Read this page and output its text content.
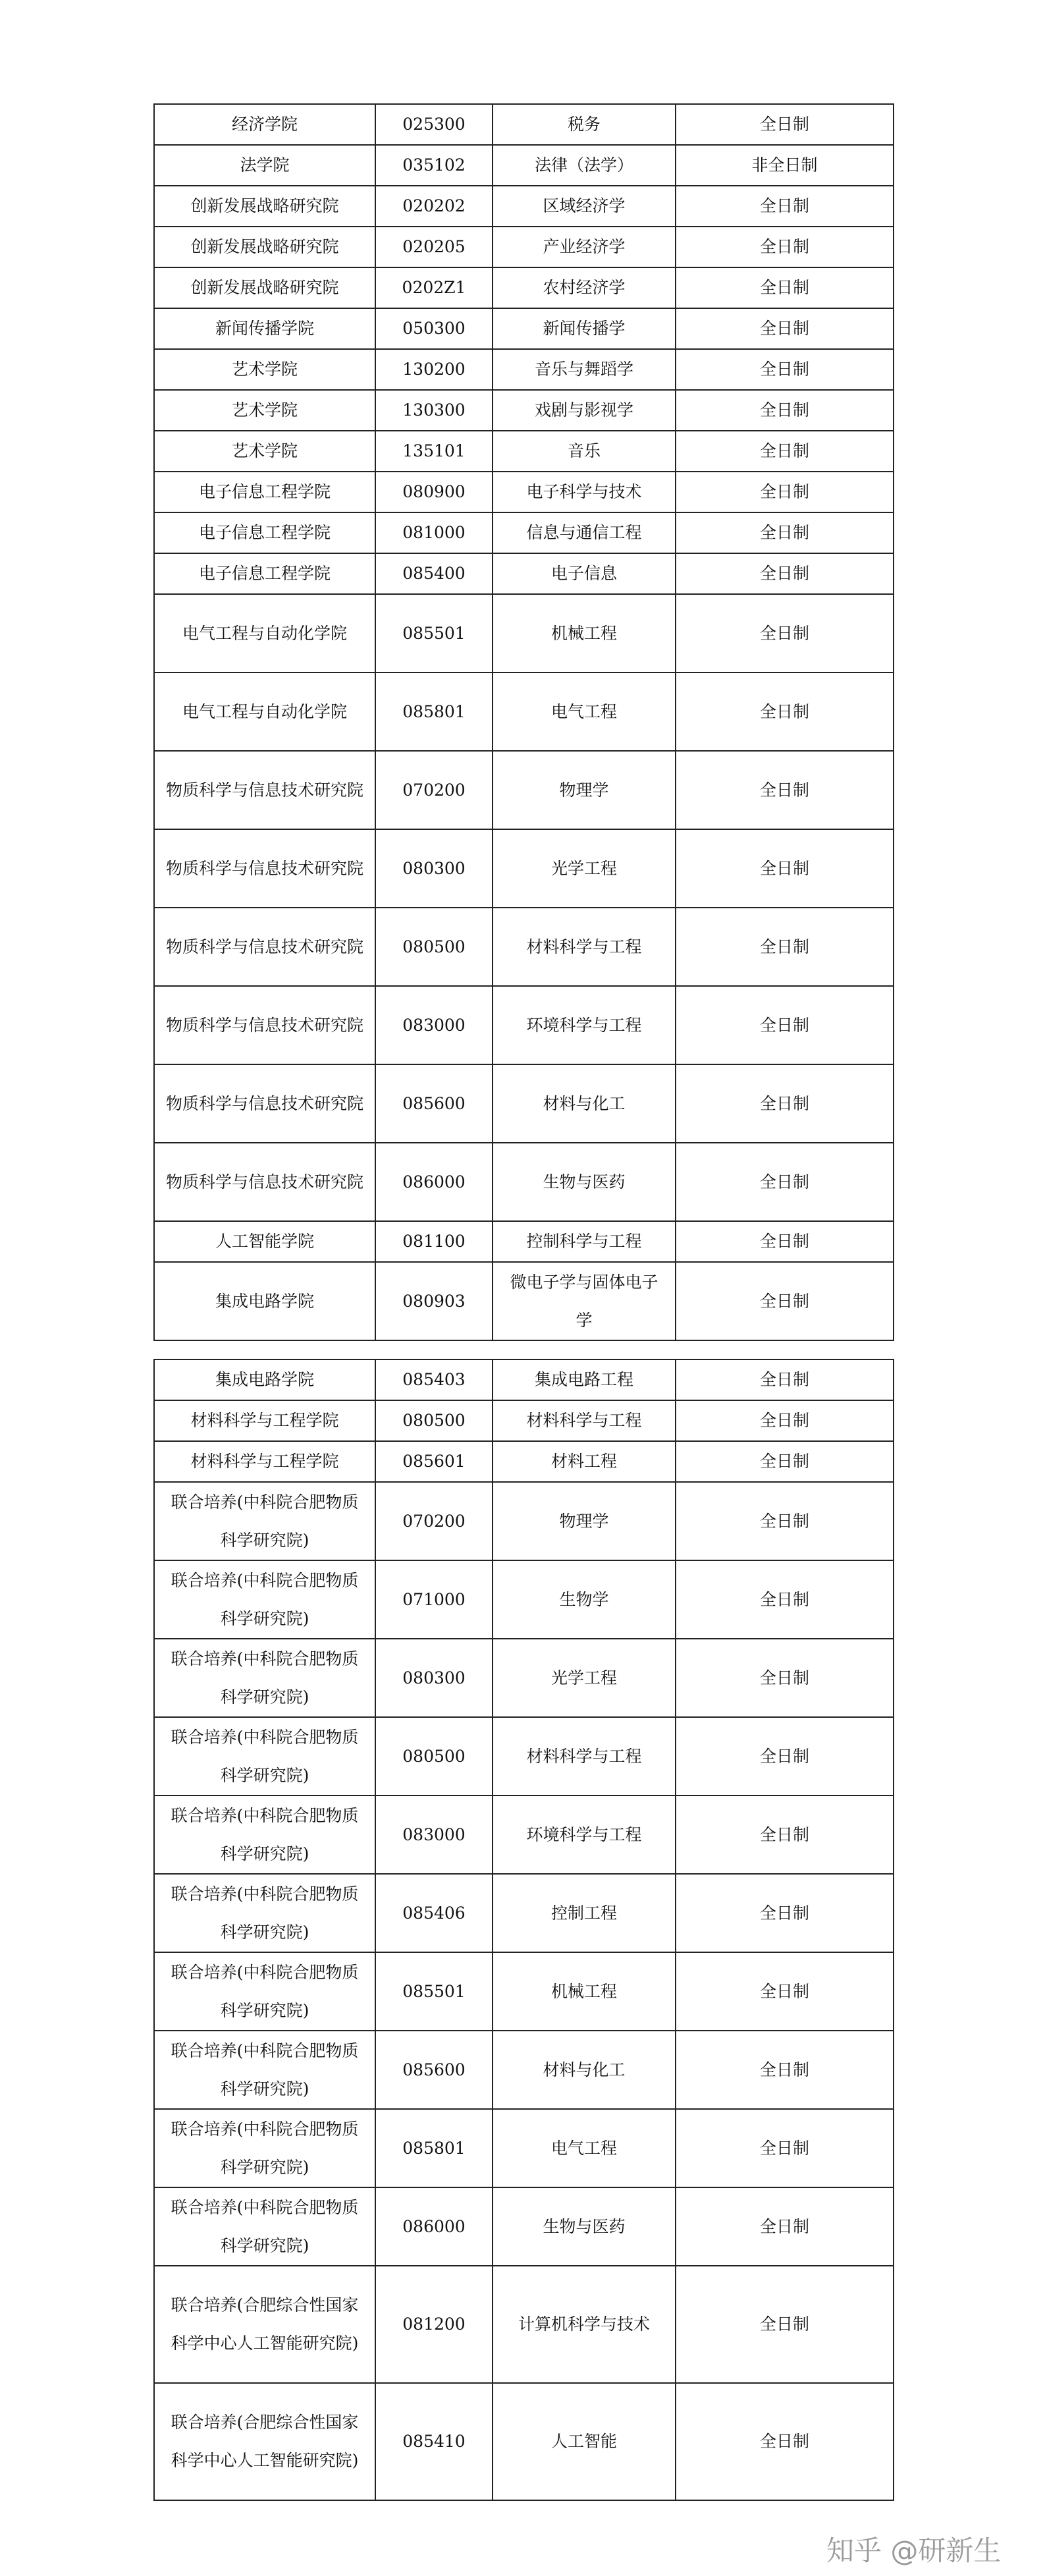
经济学院	025300	税务	全日制
法学院	035102	法律（法学）	非全日制
创新发展战略研究院	020202	区域经济学	全日制
创新发展战略研究院	020205	产业经济学	全日制
创新发展战略研究院	0202Z1	农村经济学	全日制
新闻传播学院	050300	新闻传播学	全日制
艺术学院	130200	音乐与舞蹈学	全日制
艺术学院	130300	戏剧与影视学	全日制
艺术学院	135101	音乐	全日制
电子信息工程学院	080900	电子科学与技术	全日制
电子信息工程学院	081000	信息与通信工程	全日制
电子信息工程学院	085400	电子信息	全日制
电气工程与自动化学院	085501	机械工程	全日制
电气工程与自动化学院	085801	电气工程	全日制
物质科学与信息技术研究院	070200	物理学	全日制
物质科学与信息技术研究院	080300	光学工程	全日制
物质科学与信息技术研究院	080500	材料科学与工程	全日制
物质科学与信息技术研究院	083000	环境科学与工程	全日制
物质科学与信息技术研究院	085600	材料与化工	全日制
物质科学与信息技术研究院	086000	生物与医药	全日制
人工智能学院	081100	控制科学与工程	全日制
集成电路学院	080903	微电子学与固体电子学	全日制
集成电路学院	085403	集成电路工程	全日制
材料科学与工程学院	080500	材料科学与工程	全日制
材料科学与工程学院	085601	材料工程	全日制
联合培养(中科院合肥物质科学研究院)	070200	物理学	全日制
联合培养(中科院合肥物质科学研究院)	071000	生物学	全日制
联合培养(中科院合肥物质科学研究院)	080300	光学工程	全日制
联合培养(中科院合肥物质科学研究院)	080500	材料科学与工程	全日制
联合培养(中科院合肥物质科学研究院)	083000	环境科学与工程	全日制
联合培养(中科院合肥物质科学研究院)	085406	控制工程	全日制
联合培养(中科院合肥物质科学研究院)	085501	机械工程	全日制
联合培养(中科院合肥物质科学研究院)	085600	材料与化工	全日制
联合培养(中科院合肥物质科学研究院)	085801	电气工程	全日制
联合培养(中科院合肥物质科学研究院)	086000	生物与医药	全日制
联合培养(合肥综合性国家科学中心人工智能研究院)	081200	计算机科学与技术	全日制
联合培养(合肥综合性国家科学中心人工智能研究院)	085410	人工智能	全日制
知乎 @研新生
